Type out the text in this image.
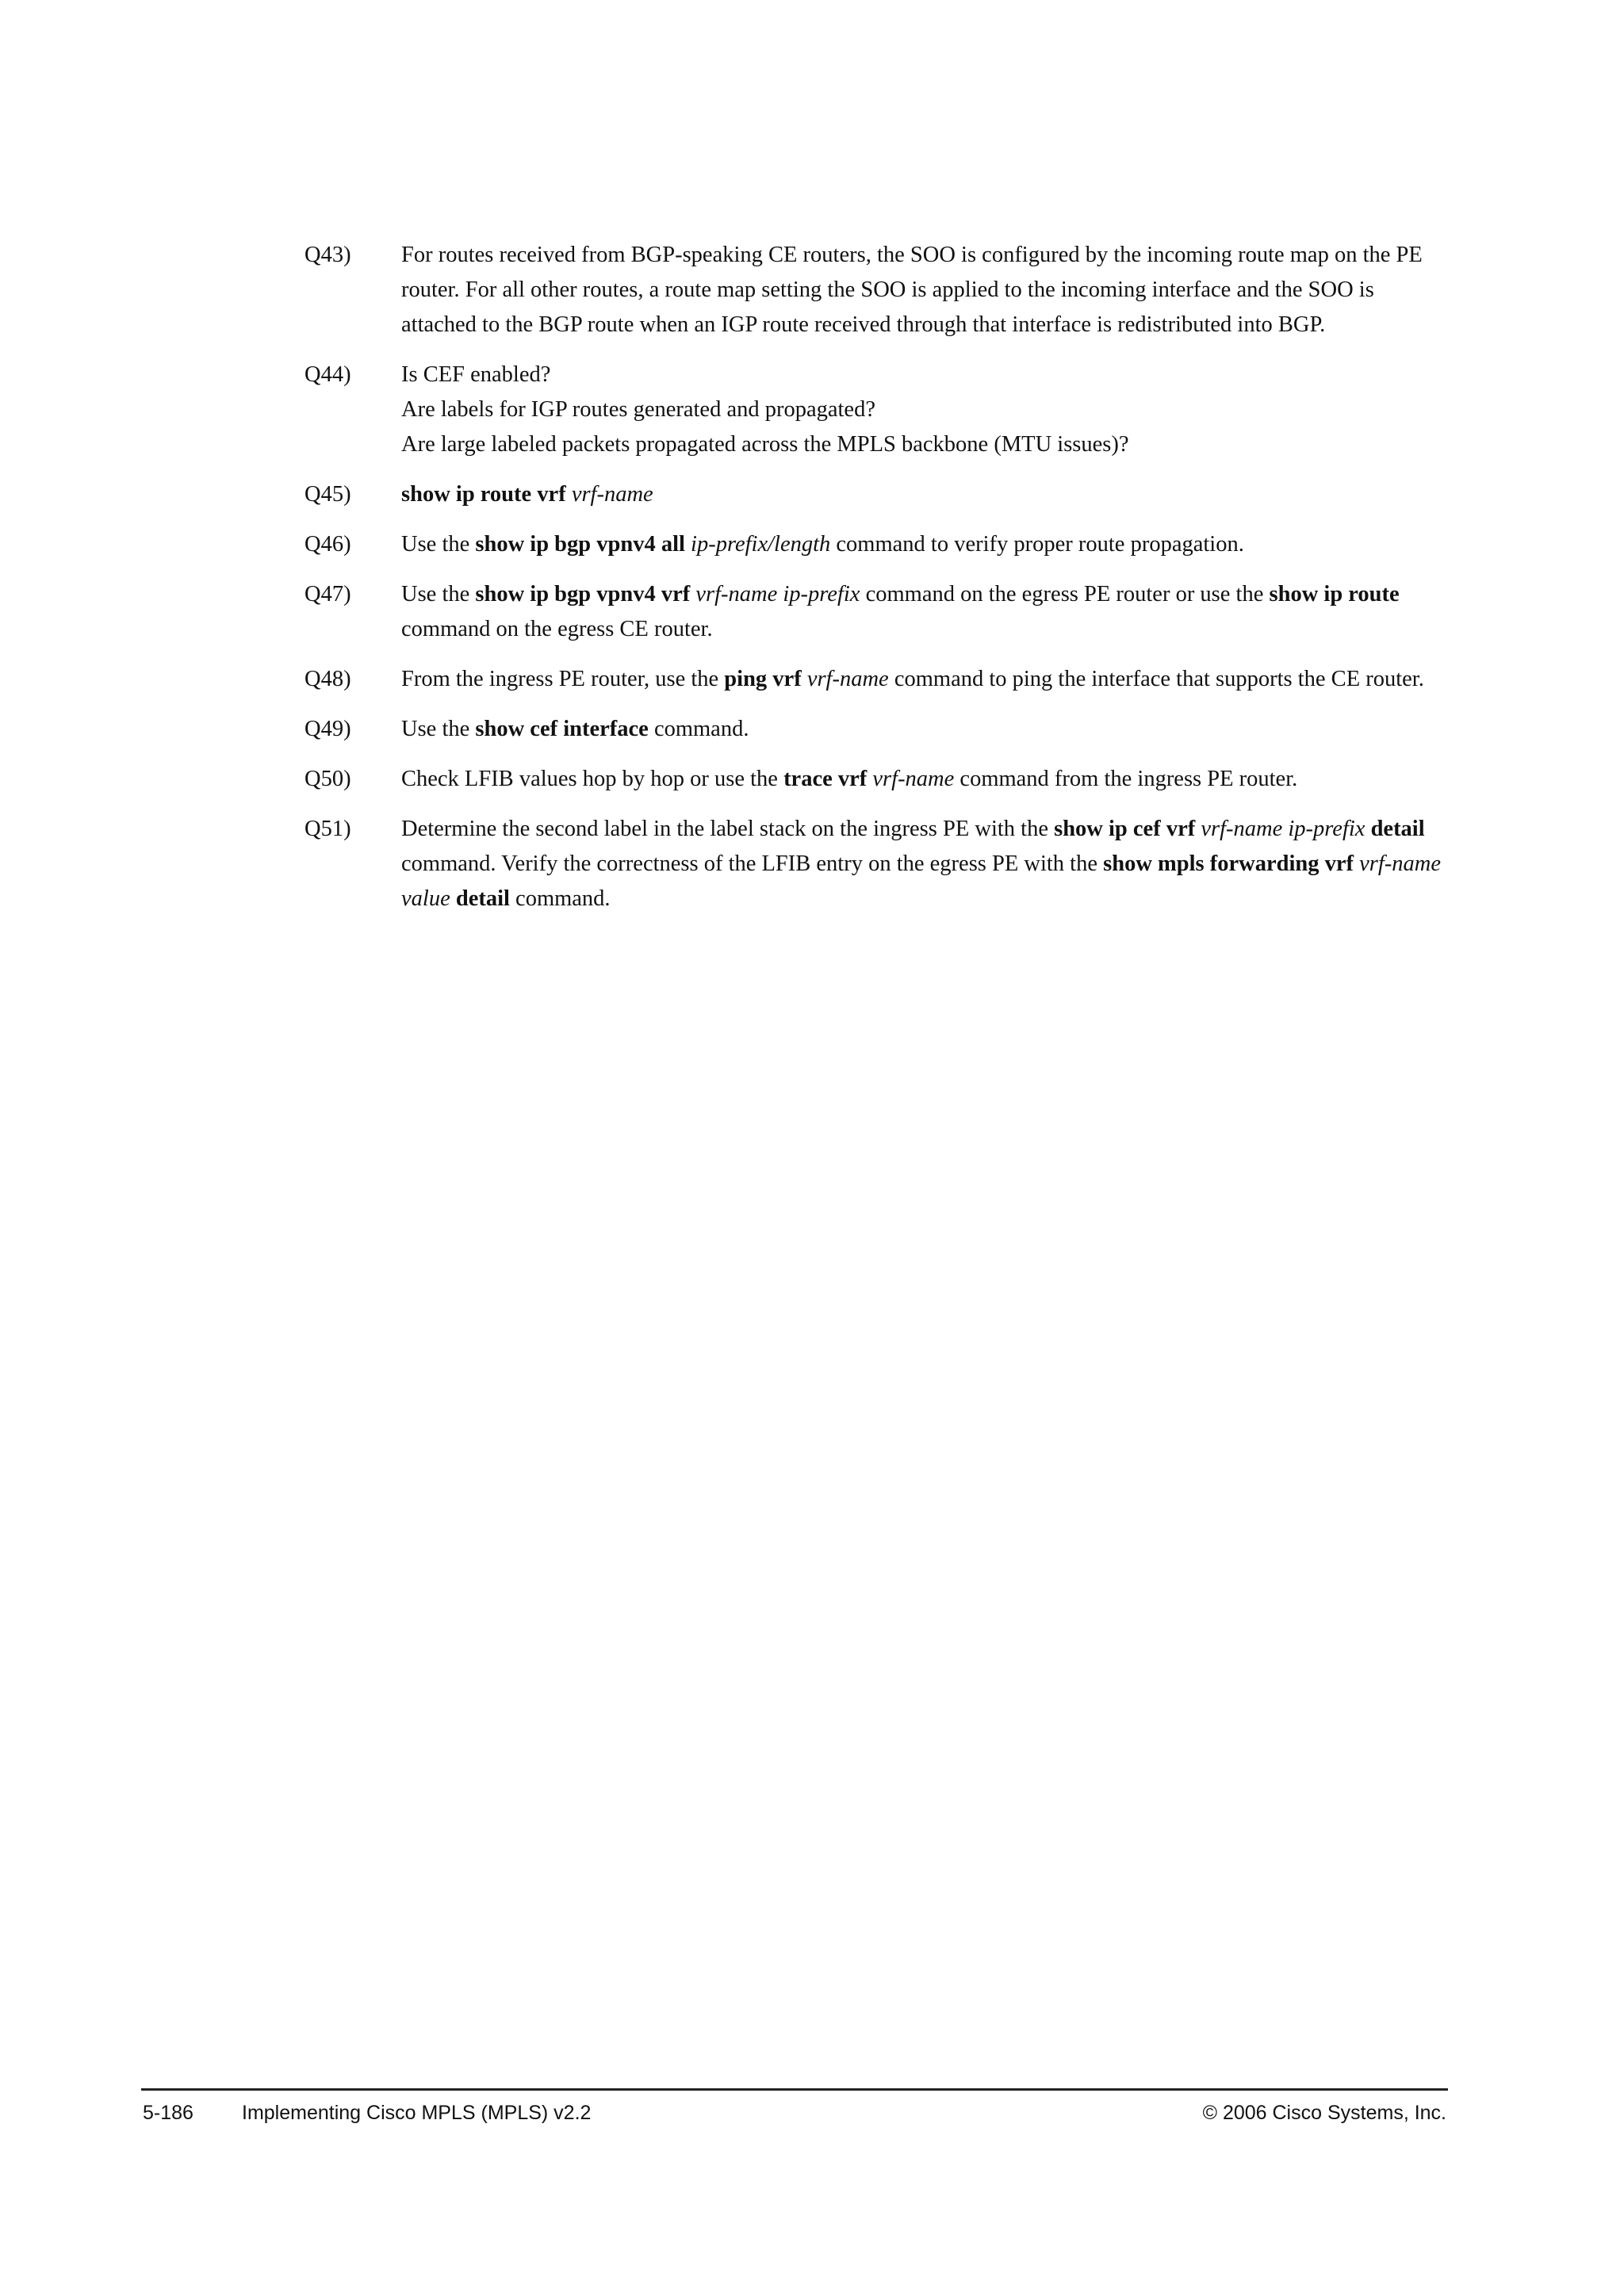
Q43)	For routes received from BGP-speaking CE routers, the SOO is configured by the incoming route map on the PE router. For all other routes, a route map setting the SOO is applied to the incoming interface and the SOO is attached to the BGP route when an IGP route received through that interface is redistributed into BGP.
Q44)	Is CEF enabled?
Are labels for IGP routes generated and propagated?
Are large labeled packets propagated across the MPLS backbone (MTU issues)?
Q45)	show ip route vrf vrf-name
Q46)	Use the show ip bgp vpnv4 all ip-prefix/length command to verify proper route propagation.
Q47)	Use the show ip bgp vpnv4 vrf vrf-name ip-prefix command on the egress PE router or use the show ip route command on the egress CE router.
Q48)	From the ingress PE router, use the ping vrf vrf-name command to ping the interface that supports the CE router.
Q49)	Use the show cef interface command.
Q50)	Check LFIB values hop by hop or use the trace vrf vrf-name command from the ingress PE router.
Q51)	Determine the second label in the label stack on the ingress PE with the show ip cef vrf vrf-name ip-prefix detail command. Verify the correctness of the LFIB entry on the egress PE with the show mpls forwarding vrf vrf-name value detail command.
5-186 Implementing Cisco MPLS (MPLS) v2.2	© 2006 Cisco Systems, Inc.
